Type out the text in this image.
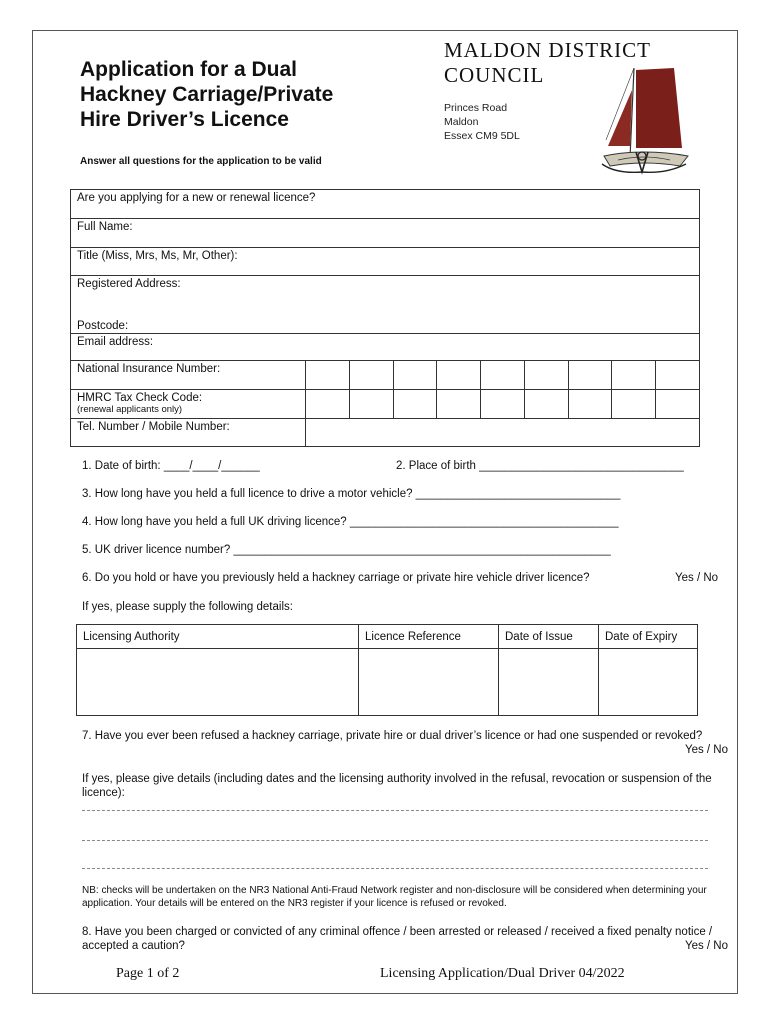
Application for a Dual
Hackney Carriage/Private
Hire Driver’s Licence
Answer all questions for the application to be valid
MALDON DISTRICT
COUNCIL
Princes Road
Maldon
Essex CM9 5DL
Are you applying for a new or renewal licence?									
Full Name:									
Title (Miss, Mrs, Ms, Mr, Other):									
Registered Address:
Postcode:									

Email address:									
National Insurance Number:									
HMRC Tax Check Code:
(renewal applicants only)									

Tel. Number / Mobile Number:									
1. Date of birth: ____/____/______	2. Place of birth ________________________________
3. How long have you held a full licence to drive a motor vehicle? ________________________________
4. How long have you held a full UK driving licence? __________________________________________
5. UK driver licence number? ___________________________________________________________
6. Do you hold or have you previously held a hackney carriage or private hire vehicle driver licence?	Yes / No
If yes, please supply the following details:
Licensing Authority	Licence Reference	Date of Issue	Date of Expiry

7. Have you ever been refused a hackney carriage, private hire or dual driver’s licence or had one suspended or revoked?
Yes / No
If yes, please give details (including dates and the licensing authority involved in the refusal, revocation or suspension of the licence):
NB: checks will be undertaken on the NR3 National Anti-Fraud Network register and non-disclosure will be considered when determining your application. Your details will be entered on the NR3 register if your licence is refused or revoked.
8. Have you been charged or convicted of any criminal offence / been arrested or released / received a fixed penalty notice / accepted a caution?	Yes / No
Page 1 of 2	Licensing Application/Dual Driver 04/2022
